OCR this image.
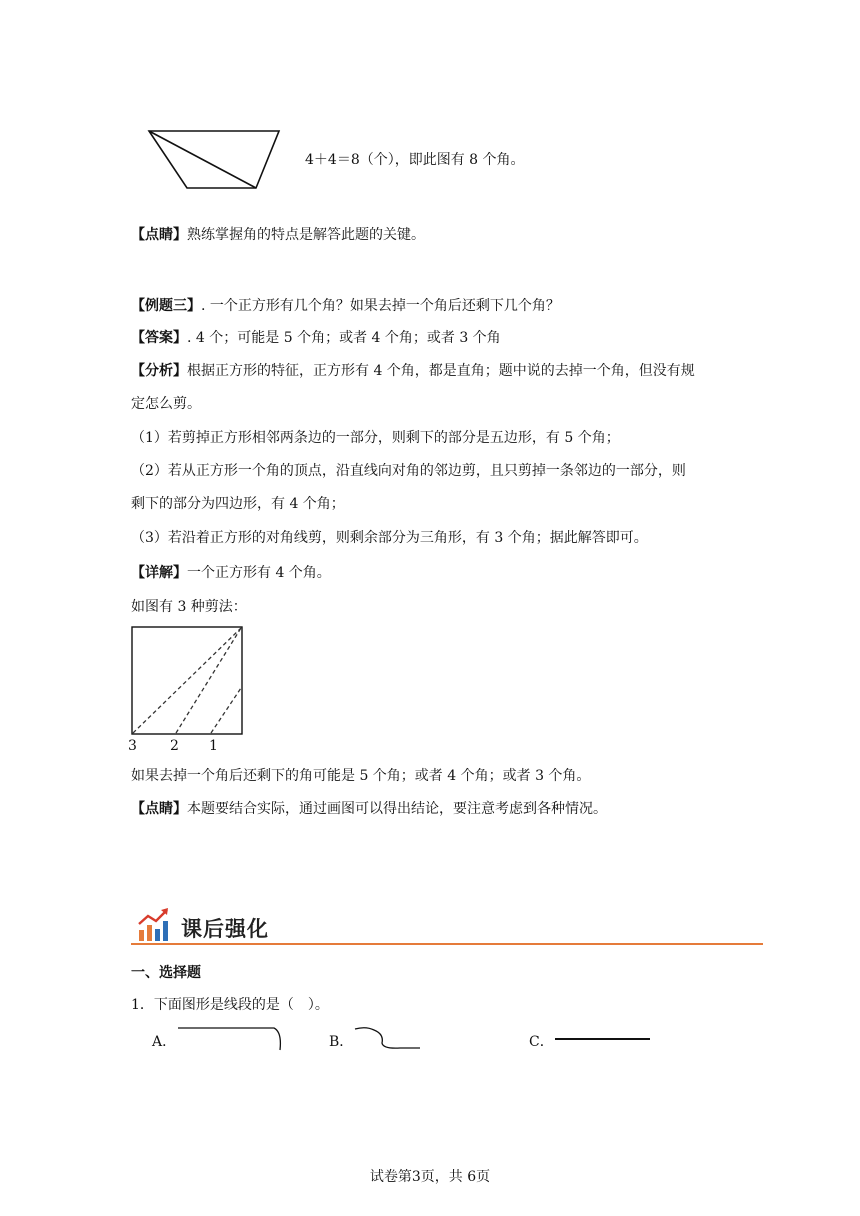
4＋4＝8（个），即此图有 8 个角。
【点睛】熟练掌握角的特点是解答此题的关键。
【例题三】. 一个正方形有几个角？如果去掉一个角后还剩下几个角？
【答案】. 4 个；可能是 5 个角；或者 4 个角；或者 3 个角
【分析】根据正方形的特征，正方形有 4 个角，都是直角；题中说的去掉一个角，但没有规
定怎么剪。
（1）若剪掉正方形相邻两条边的一部分，则剩下的部分是五边形，有 5 个角；
（2）若从正方形一个角的顶点，沿直线向对角的邻边剪，且只剪掉一条邻边的一部分，则
剩下的部分为四边形，有 4 个角；
（3）若沿着正方形的对角线剪，则剩余部分为三角形，有 3 个角；据此解答即可。
【详解】一个正方形有 4 个角。
如图有 3 种剪法：
3 2 1
如果去掉一个角后还剩下的角可能是 5 个角；或者 4 个角；或者 3 个角。
【点睛】本题要结合实际，通过画图可以得出结论，要注意考虑到各种情况。
课后强化
一、选择题
1．下面图形是线段的是（　）。
A．	B．	C．
试卷第3页，共 6页
